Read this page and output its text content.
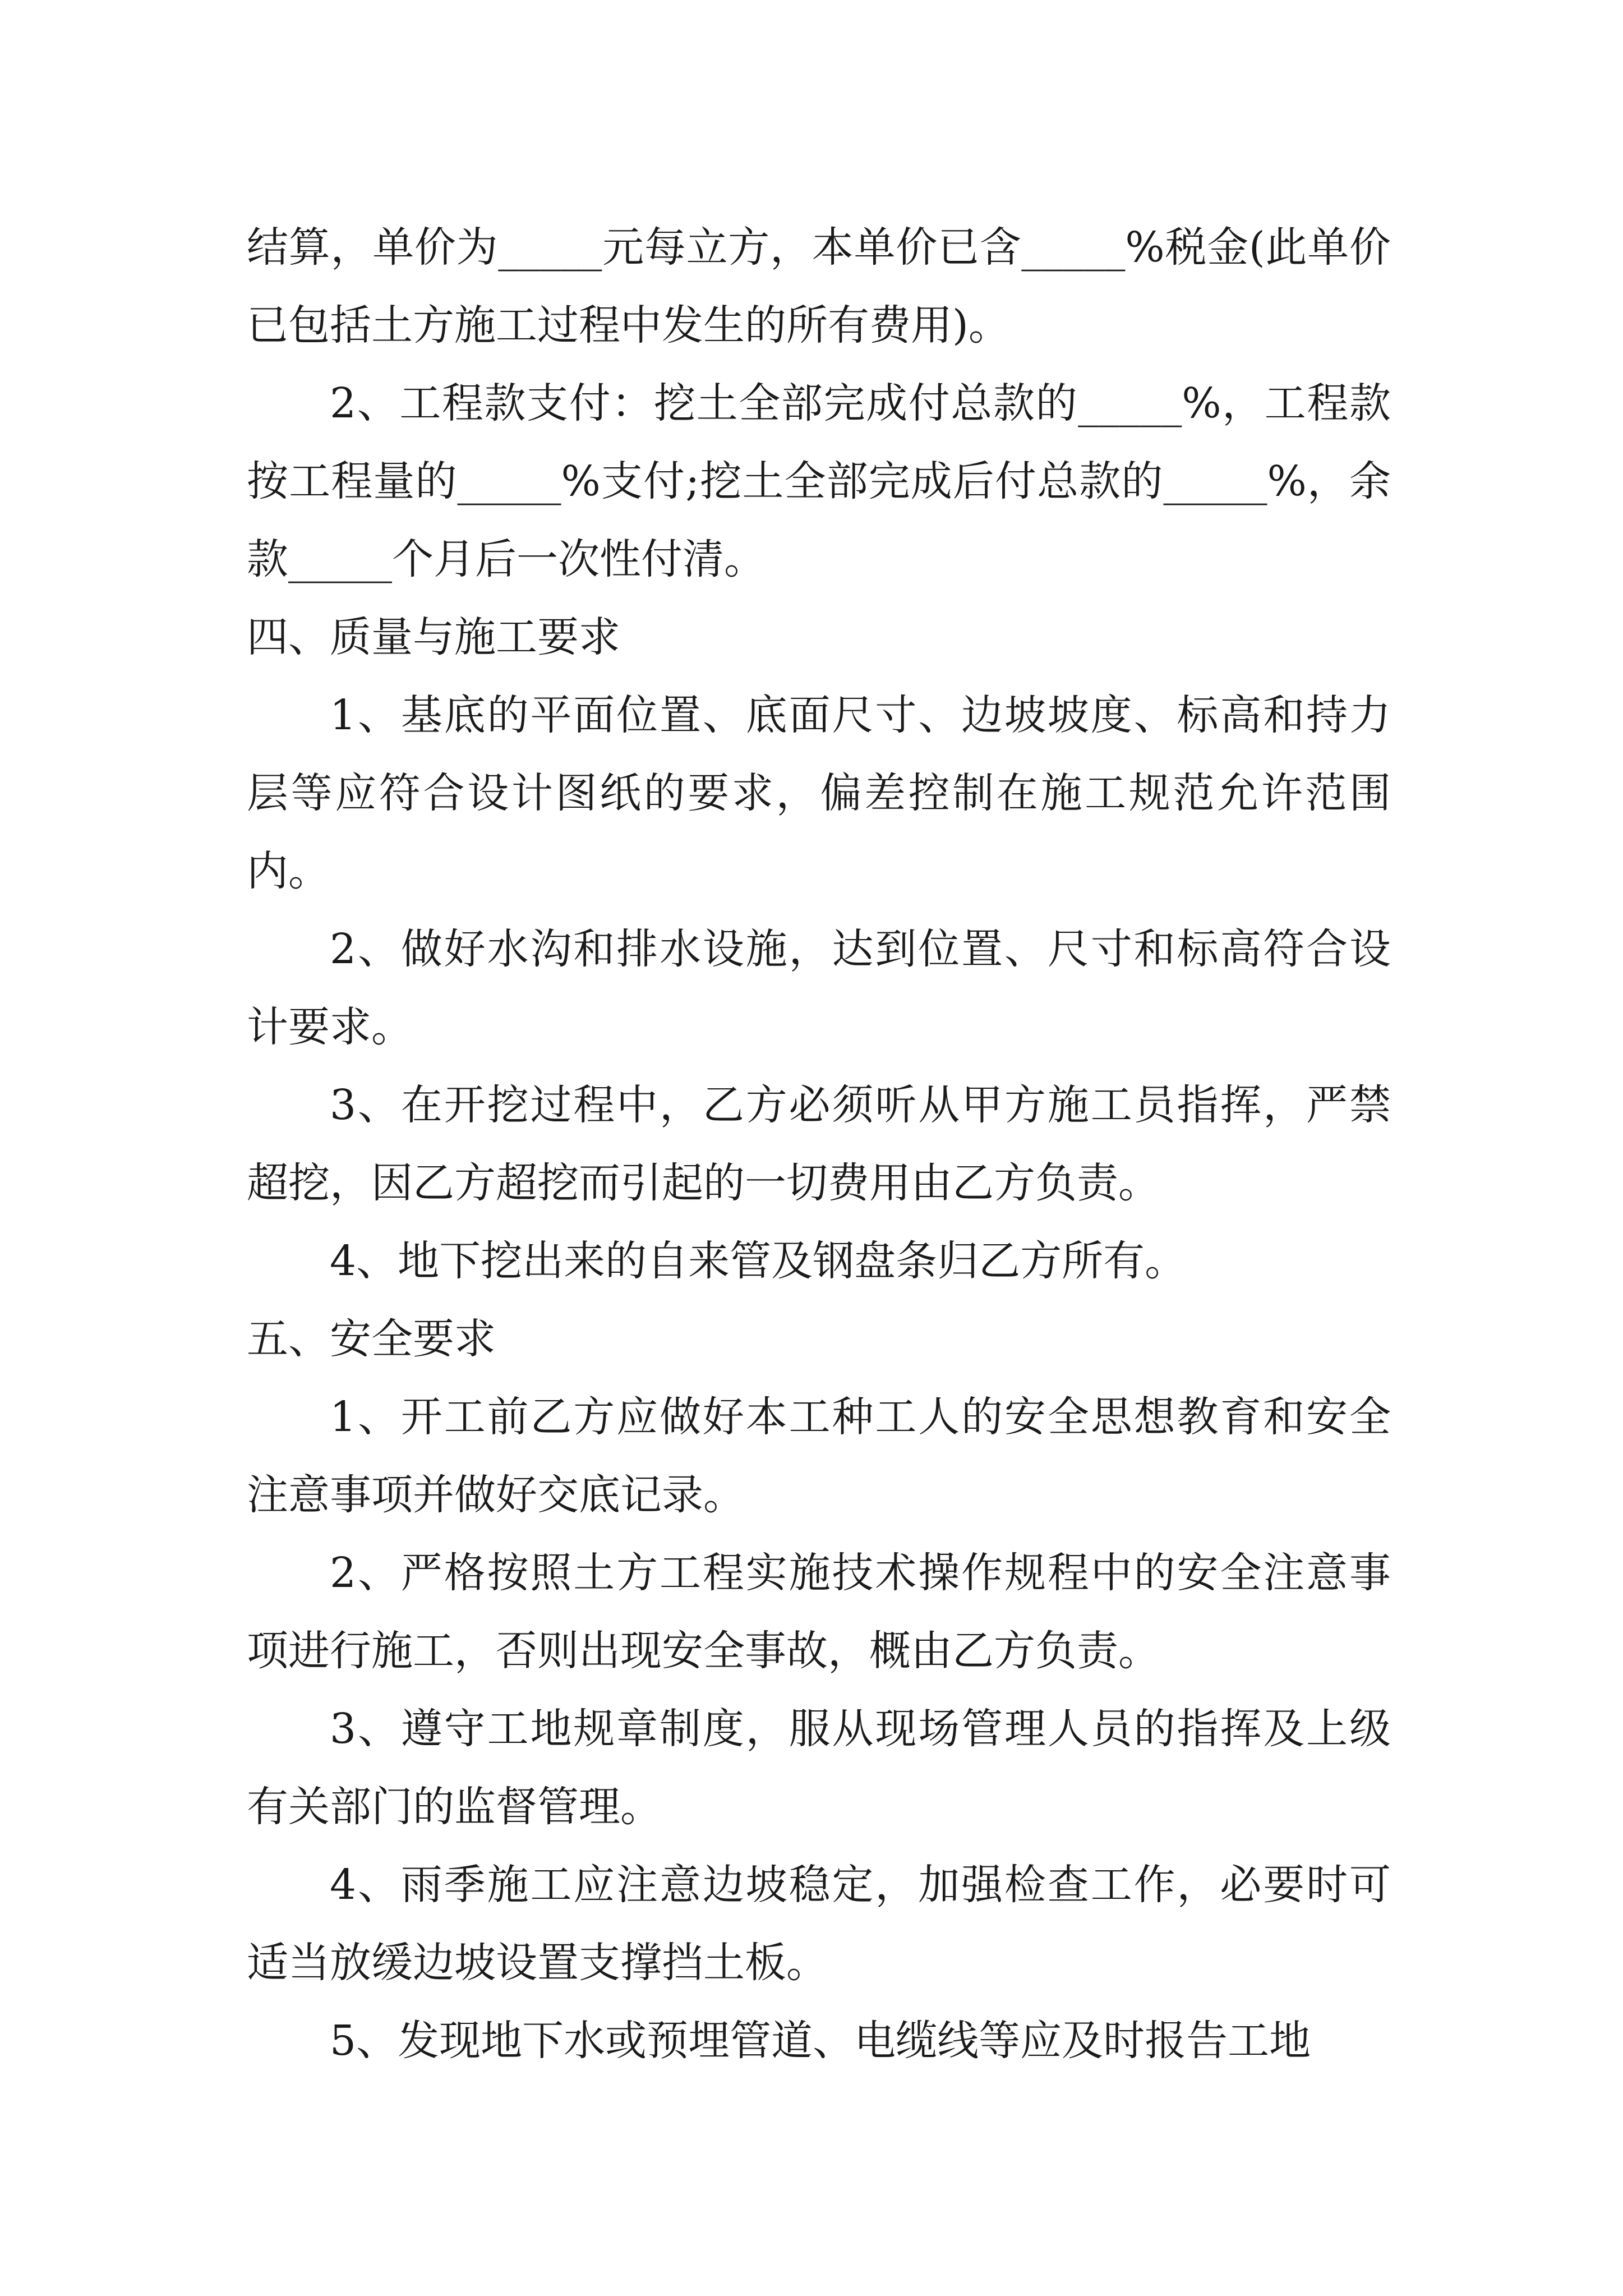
结算，单价为_____元每立方，本单价已含_____%税金(此单价已包括土方施工过程中发生的所有费用)。

2、工程款支付：挖土全部完成付总款的_____%，工程款按工程量的_____%支付;挖土全部完成后付总款的_____%，余款_____个月后一次性付清。

四、质量与施工要求

1、基底的平面位置、底面尺寸、边坡坡度、标高和持力层等应符合设计图纸的要求，偏差控制在施工规范允许范围内。

2、做好水沟和排水设施，达到位置、尺寸和标高符合设计要求。

3、在开挖过程中，乙方必须听从甲方施工员指挥，严禁超挖，因乙方超挖而引起的一切费用由乙方负责。

4、地下挖出来的自来管及钢盘条归乙方所有。

五、安全要求

1、开工前乙方应做好本工种工人的安全思想教育和安全注意事项并做好交底记录。

2、严格按照土方工程实施技术操作规程中的安全注意事项进行施工，否则出现安全事故，概由乙方负责。

3、遵守工地规章制度，服从现场管理人员的指挥及上级有关部门的监督管理。

4、雨季施工应注意边坡稳定，加强检查工作，必要时可适当放缓边坡设置支撑挡土板。

5、发现地下水或预埋管道、电缆线等应及时报告工地
